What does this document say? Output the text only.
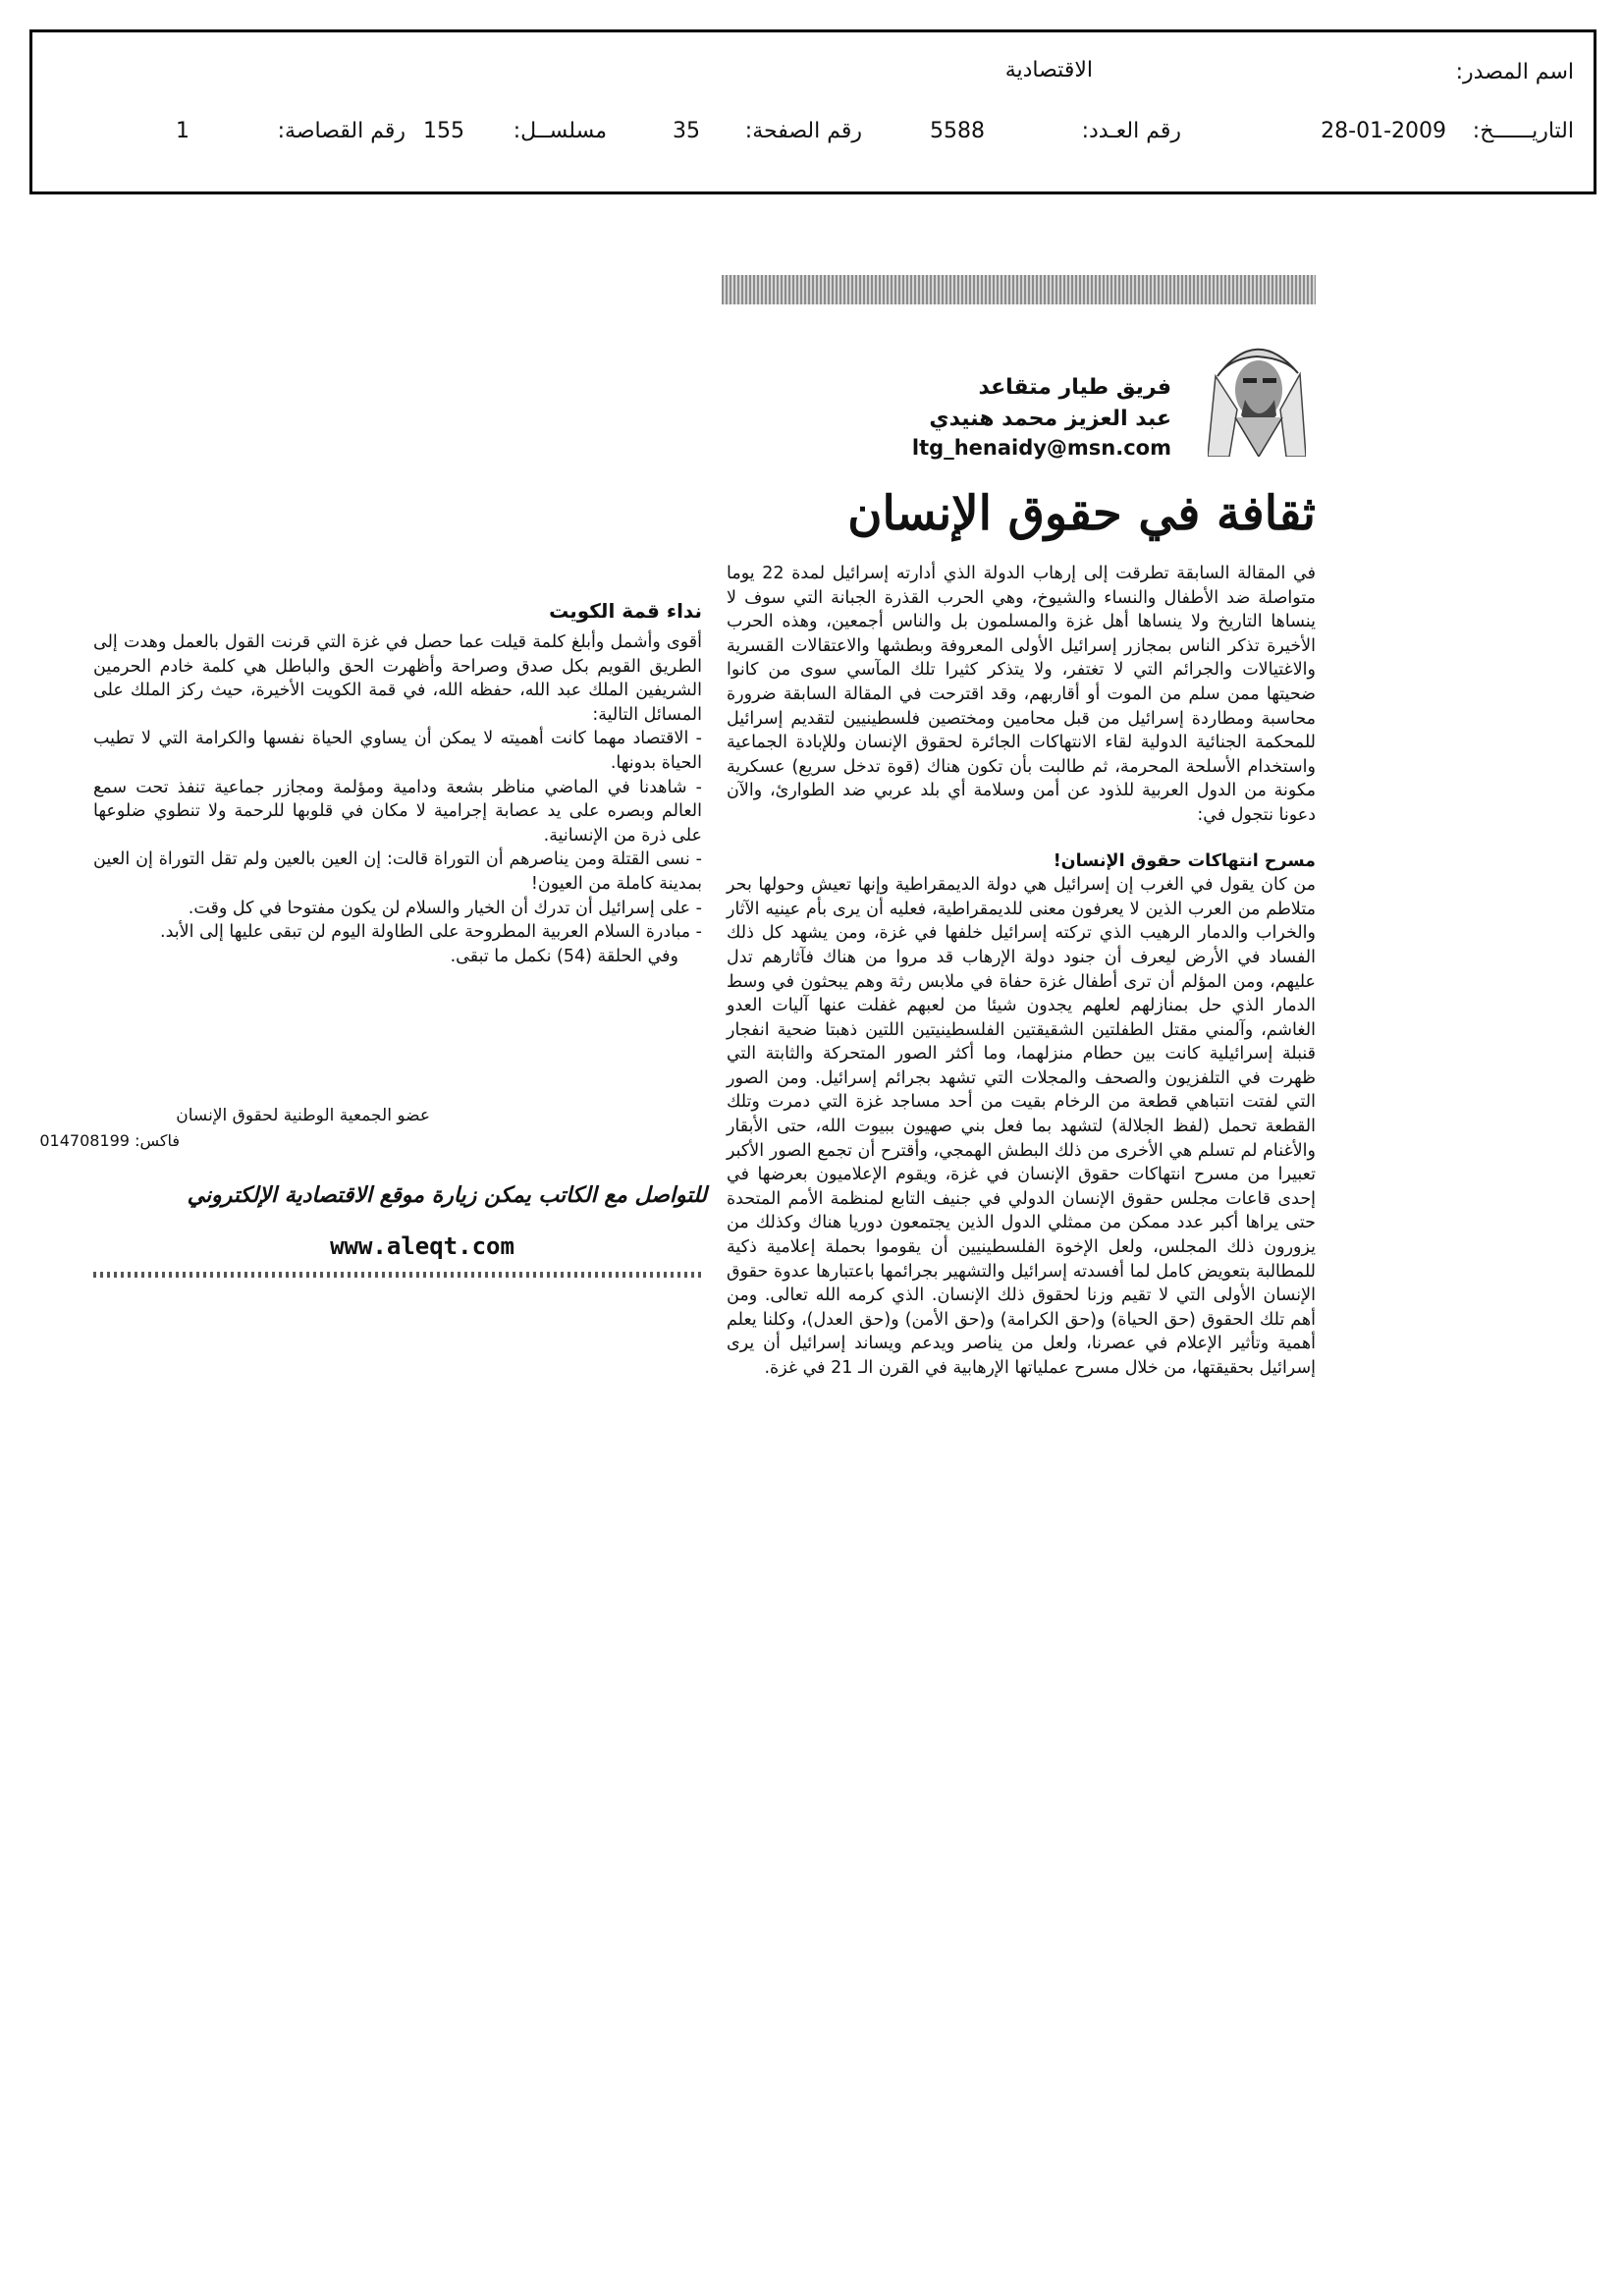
اسم المصدر:
الاقتصادية
التاريــــــخ:
28-01-2009
رقم العـدد:
5588
رقم الصفحة:
35
مسلســل:
155
رقم القصاصة:
1
فريق طيار متقاعد
عبد العزيز محمد هنيدي
ltg_henaidy@msn.com
ثقافة في حقوق الإنسان

في المقالة السابقة تطرقت إلى إرهاب الدولة الذي أدارته إسرائيل لمدة 22 يوما متواصلة ضد الأطفال والنساء والشيوخ، وهي الحرب القذرة الجبانة التي سوف لا ينساها التاريخ ولا ينساها أهل غزة والمسلمون بل والناس أجمعين، وهذه الحرب الأخيرة تذكر الناس بمجازر إسرائيل الأولى المعروفة وبطشها والاعتقالات القسرية والاغتيالات والجرائم التي لا تغتفر، ولا يتذكر كثيرا تلك المآسي سوى من كانوا ضحيتها ممن سلم من الموت أو أقاربهم، وقد اقترحت في المقالة السابقة ضرورة محاسبة ومطاردة إسرائيل من قبل محامين ومختصين فلسطينيين لتقديم إسرائيل للمحكمة الجنائية الدولية لقاء الانتهاكات الجائرة لحقوق الإنسان وللإبادة الجماعية واستخدام الأسلحة المحرمة، ثم طالبت بأن تكون هناك (قوة تدخل سريع) عسكرية مكونة من الدول العربية للذود عن أمن وسلامة أي بلد عربي ضد الطوارئ، والآن دعونا نتجول في:

مسرح انتهاكات حقوق الإنسان!

من كان يقول في الغرب إن إسرائيل هي دولة الديمقراطية وإنها تعيش وحولها بحر متلاطم من العرب الذين لا يعرفون معنى للديمقراطية، فعليه أن يرى بأم عينيه الآثار والخراب والدمار الرهيب الذي تركته إسرائيل خلفها في غزة، ومن يشهد كل ذلك الفساد في الأرض ليعرف أن جنود دولة الإرهاب قد مروا من هناك فآثارهم تدل عليهم، ومن المؤلم أن ترى أطفال غزة حفاة في ملابس رثة وهم يبحثون في وسط الدمار الذي حل بمنازلهم لعلهم يجدون شيئا من لعبهم غفلت عنها آليات العدو الغاشم، وآلمني مقتل الطفلتين الشقيقتين الفلسطينيتين اللتين ذهبتا ضحية انفجار قنبلة إسرائيلية كانت بين حطام منزلهما، وما أكثر الصور المتحركة والثابتة التي ظهرت في التلفزيون والصحف والمجلات التي تشهد بجرائم إسرائيل. ومن الصور التي لفتت انتباهي قطعة من الرخام بقيت من أحد مساجد غزة التي دمرت وتلك القطعة تحمل (لفظ الجلالة) لتشهد بما فعل بني صهيون ببيوت الله، حتى الأبقار والأغنام لم تسلم هي الأخرى من ذلك البطش الهمجي، وأقترح أن تجمع الصور الأكبر تعبيرا من مسرح انتهاكات حقوق الإنسان في غزة، ويقوم الإعلاميون بعرضها في إحدى قاعات مجلس حقوق الإنسان الدولي في جنيف التابع لمنظمة الأمم المتحدة حتى يراها أكبر عدد ممكن من ممثلي الدول الذين يجتمعون دوريا هناك وكذلك من يزورون ذلك المجلس، ولعل الإخوة الفلسطينيين أن يقوموا بحملة إعلامية ذكية للمطالبة بتعويض كامل لما أفسدته إسرائيل والتشهير بجرائمها باعتبارها عدوة حقوق الإنسان الأولى التي لا تقيم وزنا لحقوق ذلك الإنسان. الذي كرمه الله تعالى. ومن أهم تلك الحقوق (حق الحياة) و(حق الكرامة) و(حق الأمن) و(حق العدل)، وكلنا يعلم أهمية وتأثير الإعلام في عصرنا، ولعل من يناصر ويدعم ويساند إسرائيل أن يرى إسرائيل بحقيقتها، من خلال مسرح عملياتها الإرهابية في القرن الـ 21 في غزة.

نداء قمة الكويت

أقوى وأشمل وأبلغ كلمة قيلت عما حصل في غزة التي قرنت القول بالعمل وهدت إلى الطريق القويم بكل صدق وصراحة وأظهرت الحق والباطل هي كلمة خادم الحرمين الشريفين الملك عبد الله، حفظه الله، في قمة الكويت الأخيرة، حيث ركز الملك على المسائل التالية:

- الاقتصاد مهما كانت أهميته لا يمكن أن يساوي الحياة نفسها والكرامة التي لا تطيب الحياة بدونها.

- شاهدنا في الماضي مناظر بشعة ودامية ومؤلمة ومجازر جماعية تنفذ تحت سمع العالم وبصره على يد عصابة إجرامية لا مكان في قلوبها للرحمة ولا تنطوي ضلوعها على ذرة من الإنسانية.

- نسى القتلة ومن يناصرهم أن التوراة قالت: إن العين بالعين ولم تقل التوراة إن العين بمدينة كاملة من العيون!

- على إسرائيل أن تدرك أن الخيار والسلام لن يكون مفتوحا في كل وقت.

- مبادرة السلام العربية المطروحة على الطاولة اليوم لن تبقى عليها إلى الأبد.

وفي الحلقة (54) نكمل ما تبقى.

عضو الجمعية الوطنية لحقوق الإنسان
فاكس: 014708199
للتواصل مع الكاتب يمكن زيارة موقع الاقتصادية الإلكتروني
www.aleqt.com
